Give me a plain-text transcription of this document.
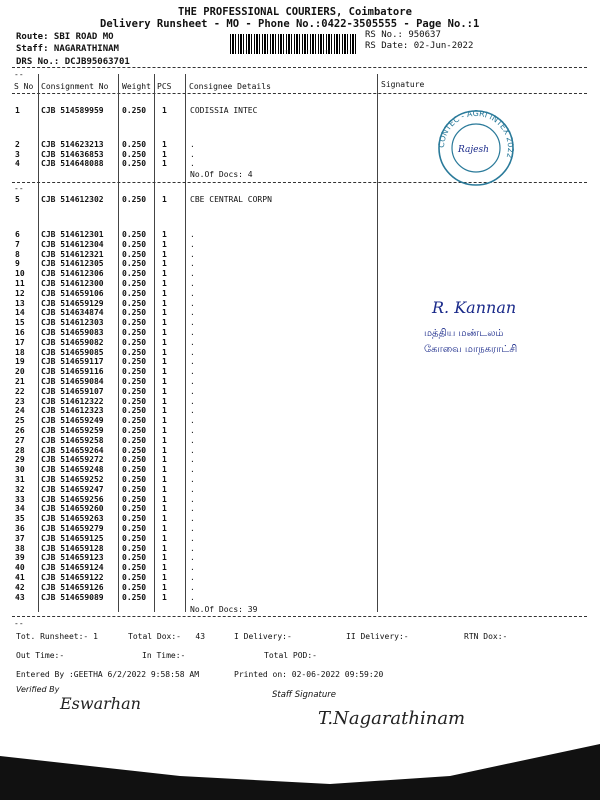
THE PROFESSIONAL COURIERS, Coimbatore
Delivery Runsheet - MO - Phone No.:0422-3505555 - Page No.:1
Route: SBI ROAD MO
Staff: NAGARATHINAM
DRS No.: DCJB95063701
RS No.: 950637
RS Date: 02-Jun-2022
--
S No Consignment No Weight PCS Consignee Details	Signature
1	CJB 514589959 0.250 1	CODISSIA INTEC
2	CJB 514623213 0.250 1	.
3	CJB 514636853 0.250 1	.
4	CJB 514648088 0.250 1	.
5	CJB 514612302 0.250 1	CBE CENTRAL CORPN
6	CJB 514612301 0.250 1	.
7	CJB 514612304 0.250 1	.
8	CJB 514612321 0.250 1	.
9	CJB 514612305 0.250 1	.
10 CJB 514612306 0.250 1	.
11 CJB 514612300 0.250 1	.
12 CJB 514659106 0.250 1	.
13 CJB 514659129 0.250 1	.
14 CJB 514634874 0.250 1	.
15 CJB 514612303 0.250 1	.
16 CJB 514659083 0.250 1	.
17 CJB 514659082 0.250 1	.
18 CJB 514659085 0.250 1	.
19 CJB 514659117 0.250 1	.
20 CJB 514659116 0.250 1	.
21 CJB 514659084 0.250 1	.
22 CJB 514659107 0.250 1	.
23 CJB 514612322 0.250 1	.
24 CJB 514612323 0.250 1	.
25 CJB 514659249 0.250 1	.
26 CJB 514659259 0.250 1	.
27 CJB 514659258 0.250 1	.
28 CJB 514659264 0.250 1	.
29 CJB 514659272 0.250 1	.
30 CJB 514659248 0.250 1	.
31 CJB 514659252 0.250 1	.
32 CJB 514659247 0.250 1	.
33 CJB 514659256 0.250 1	.
34 CJB 514659260 0.250 1	.
35 CJB 514659263 0.250 1	.
36 CJB 514659279 0.250 1	.
37 CJB 514659125 0.250 1	.
38 CJB 514659128 0.250 1	.
39 CJB 514659123 0.250 1	.
40 CJB 514659124 0.250 1	.
41 CJB 514659122 0.250 1	.
42 CJB 514659126 0.250 1	.
43 CJB 514659089 0.250 1	.
No.Of Docs: 4
--
No.Of Docs: 39
--
CONTEC - AGRI INTEX 2022
Rajesh
R. Kannan
மத்திய மண்டலம்
கோவை மாநகராட்சி
Tot. Runsheet:- 1	Total Dox:-   43	I Delivery:-	II Delivery:-	RTN Dox:-
Out Time:-	In Time:-	Total POD:-
Entered By :GEETHA 6/2/2022 9:58:58 AM	Printed on: 02-06-2022 09:59:20
Verified By
Staff Signature
Eswarhan
T.Nagarathinam
